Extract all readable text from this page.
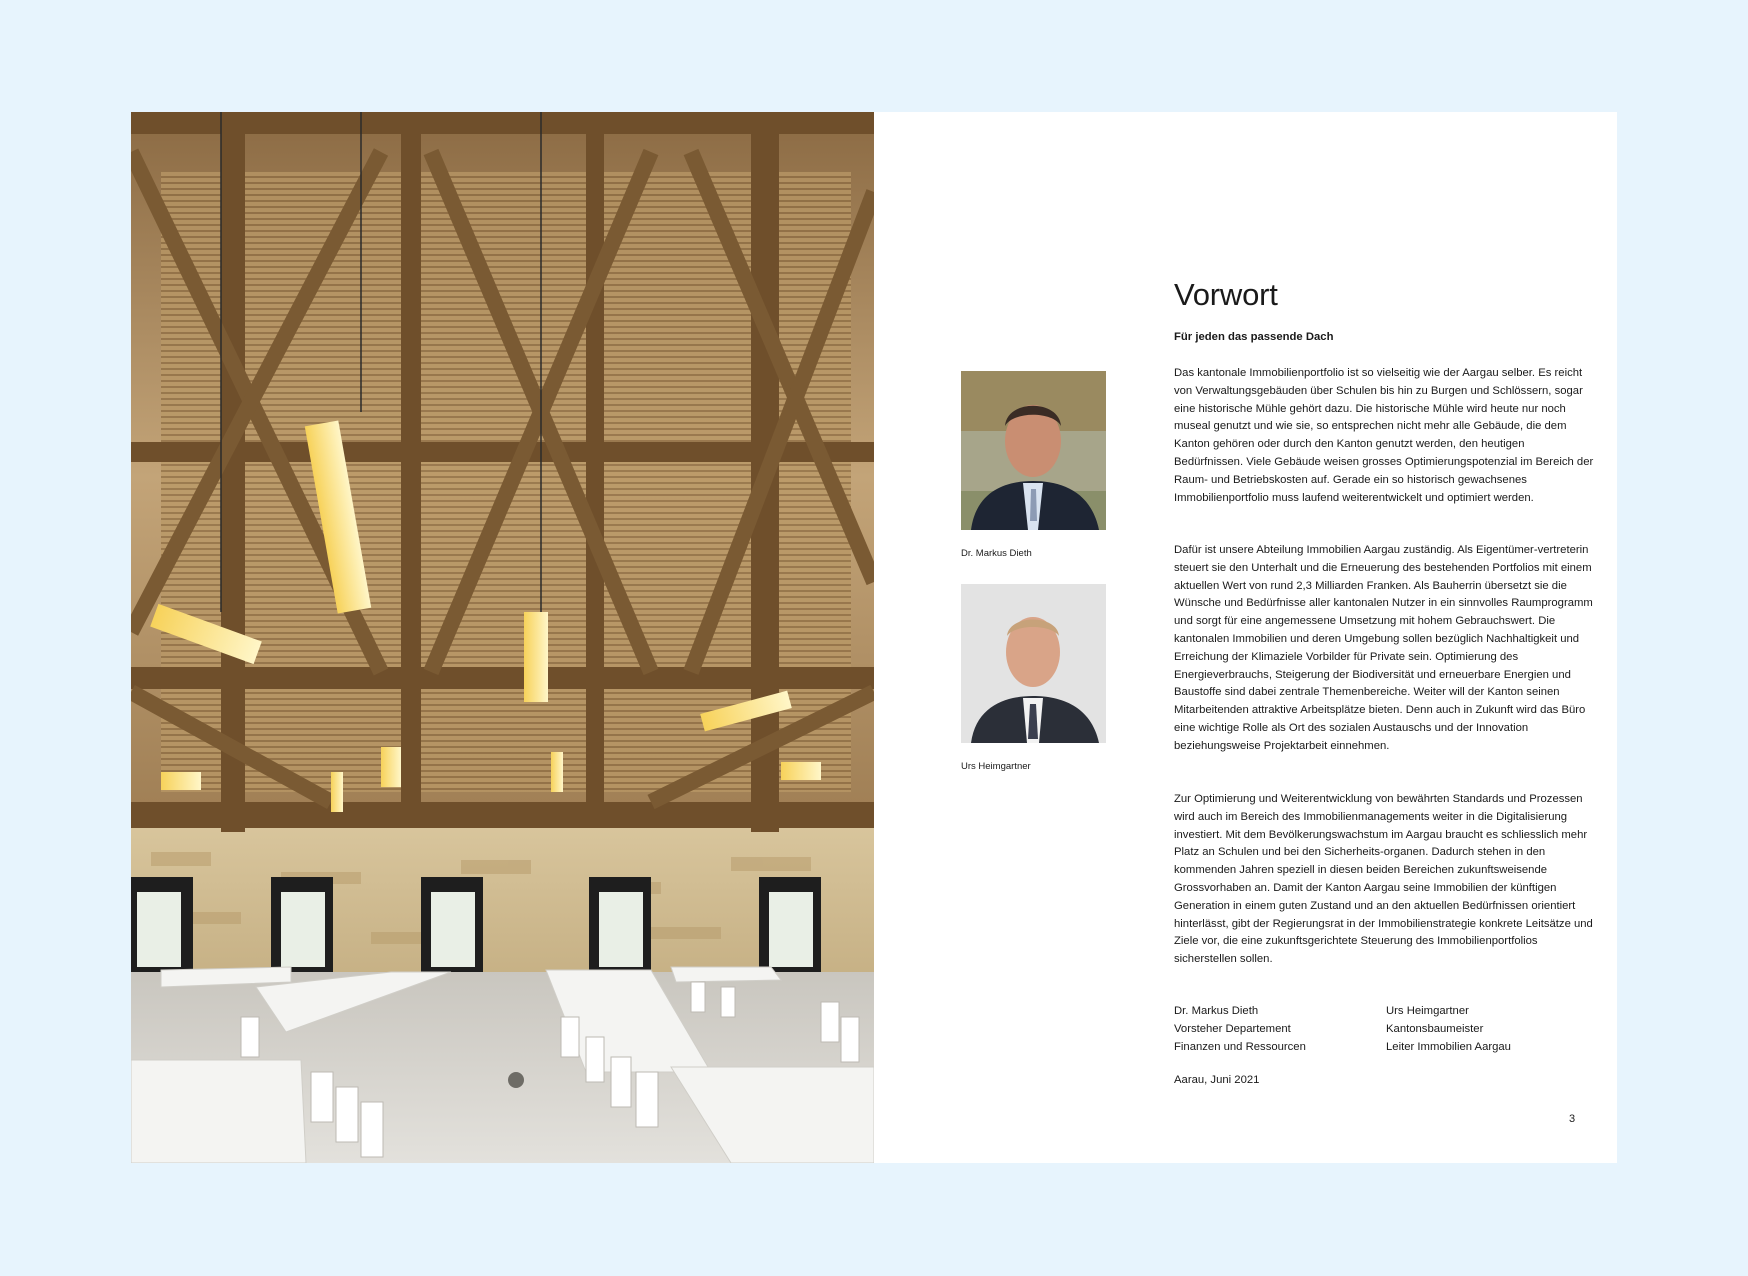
Dr. Markus Dieth
Urs Heimgartner
Vorwort
Für jeden das passende Dach

Das kantonale Immobilienportfolio ist so vielseitig wie der Aargau selber. Es reicht von Verwaltungsgebäuden über Schulen bis hin zu Burgen und Schlössern, sogar eine historische Mühle gehört dazu. Die historische Mühle wird heute nur noch museal genutzt und wie sie, so entsprechen nicht mehr alle Gebäude, die dem Kanton gehören oder durch den Kanton genutzt werden, den heutigen Bedürfnissen. Viele Gebäude weisen grosses Optimierungspotenzial im Bereich der Raum- und Betriebskosten auf. Gerade ein so historisch gewachsenes Immobilienportfolio muss laufend weiterentwickelt und optimiert werden.

Dafür ist unsere Abteilung Immobilien Aargau zuständig. Als Eigentümer-vertreterin steuert sie den Unterhalt und die Erneuerung des bestehenden Portfolios mit einem aktuellen Wert von rund 2,3 Milliarden Franken. Als Bauherrin übersetzt sie die Wünsche und Bedürfnisse aller kantonalen Nutzer in ein sinnvolles Raumprogramm und sorgt für eine angemessene Umsetzung mit hohem Gebrauchswert. Die kantonalen Immobilien und deren Umgebung sollen bezüglich Nachhaltigkeit und Erreichung der Klimaziele Vorbilder für Private sein. Optimierung des Energieverbrauchs, Steigerung der Biodiversität und erneuerbare Energien und Baustoffe sind dabei zentrale Themenbereiche. Weiter will der Kanton seinen Mitarbeitenden attraktive Arbeitsplätze bieten. Denn auch in Zukunft wird das Büro eine wichtige Rolle als Ort des sozialen Austauschs und der Innovation beziehungsweise Projektarbeit einnehmen.

Zur Optimierung und Weiterentwicklung von bewährten Standards und Prozessen wird auch im Bereich des Immobilienmanagements weiter in die Digitalisierung investiert. Mit dem Bevölkerungswachstum im Aargau braucht es schliesslich mehr Platz an Schulen und bei den Sicherheits-organen. Dadurch stehen in den kommenden Jahren speziell in diesen beiden Bereichen zukunftsweisende Grossvorhaben an. Damit der Kanton Aargau seine Immobilien der künftigen Generation in einem guten Zustand und an den aktuellen Bedürfnissen orientiert hinterlässt, gibt der Regierungsrat in der Immobilienstrategie konkrete Leitsätze und Ziele vor, die eine zukunftsgerichtete Steuerung des Immobilienportfolios sicherstellen sollen.

Dr. Markus Dieth
Vorsteher Departement
Finanzen und Ressourcen
Urs Heimgartner
Kantonsbaumeister
Leiter Immobilien Aargau
Aarau, Juni 2021
3
